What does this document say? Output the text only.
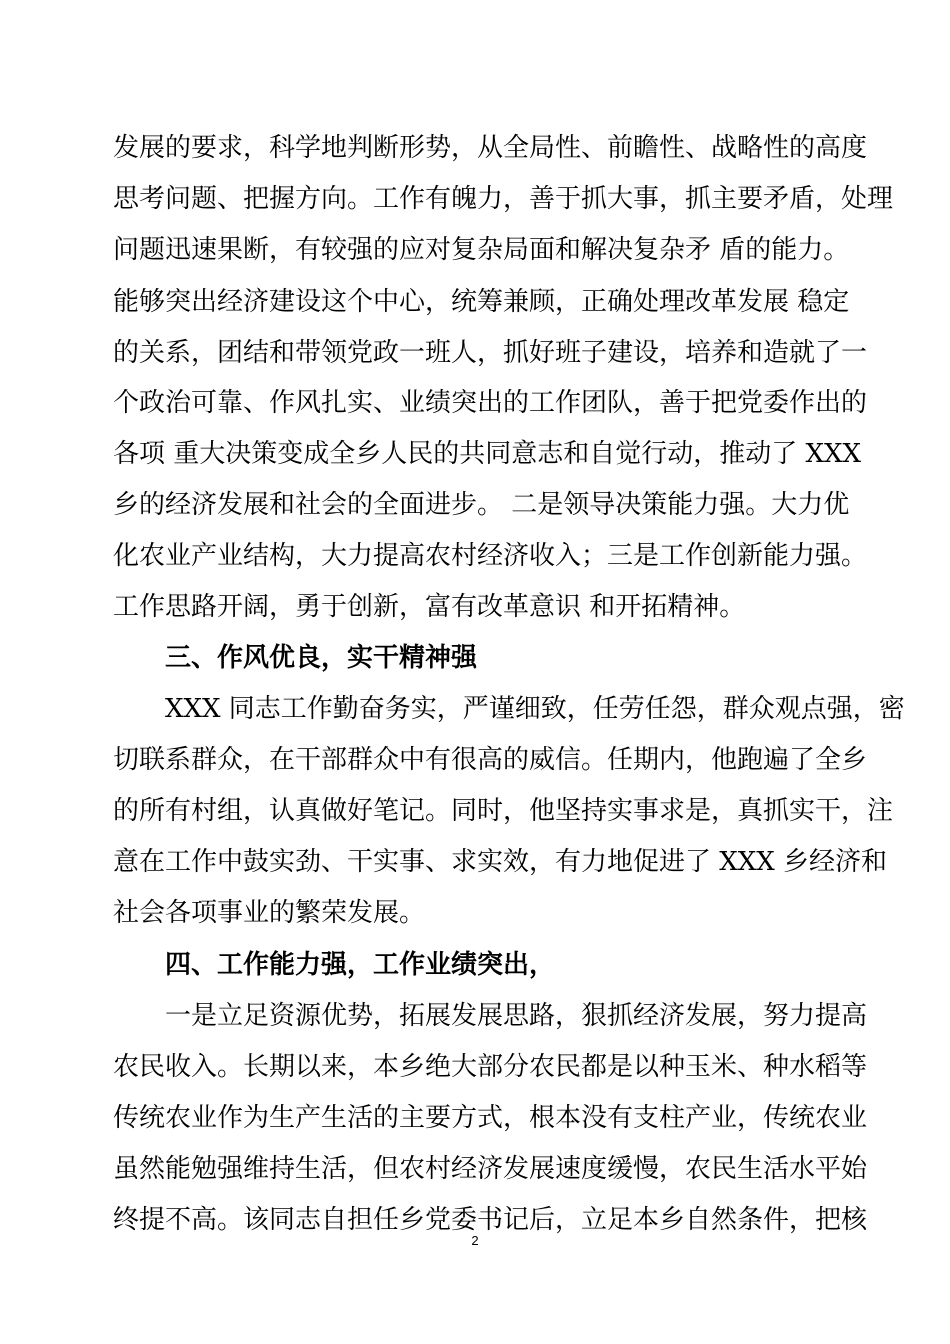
发展的要求，科学地判断形势，从全局性、前瞻性、战略性的高度
思考问题、把握方向。工作有魄力，善于抓大事，抓主要矛盾，处理
问题迅速果断，有较强的应对复杂局面和解决复杂矛 盾的能力。
能够突出经济建设这个中心，统筹兼顾，正确处理改革发展 稳定
的关系，团结和带领党政一班人，抓好班子建设，培养和造就了一
个政治可靠、作风扎实、业绩突出的工作团队，善于把党委作出的
各项 重大决策变成全乡人民的共同意志和自觉行动，推动了 XXX
乡的经济发展和社会的全面进步。 二是领导决策能力强。大力优
化农业产业结构，大力提高农村经济收入；三是工作创新能力强。
工作思路开阔，勇于创新，富有改革意识 和开拓精神。
三、作风优良，实干精神强
XXX 同志工作勤奋务实，严谨细致，任劳任怨，群众观点强，密
切联系群众，在干部群众中有很高的威信。任期内，他跑遍了全乡
的所有村组，认真做好笔记。同时，他坚持实事求是，真抓实干，注
意在工作中鼓实劲、干实事、求实效，有力地促进了 XXX 乡经济和
社会各项事业的繁荣发展。
四、工作能力强，工作业绩突出，
一是立足资源优势，拓展发展思路，狠抓经济发展，努力提高
农民收入。长期以来，本乡绝大部分农民都是以种玉米、种水稻等
传统农业作为生产生活的主要方式，根本没有支柱产业，传统农业
虽然能勉强维持生活，但农村经济发展速度缓慢，农民生活水平始
终提不高。该同志自担任乡党委书记后，立足本乡自然条件，把核
2
